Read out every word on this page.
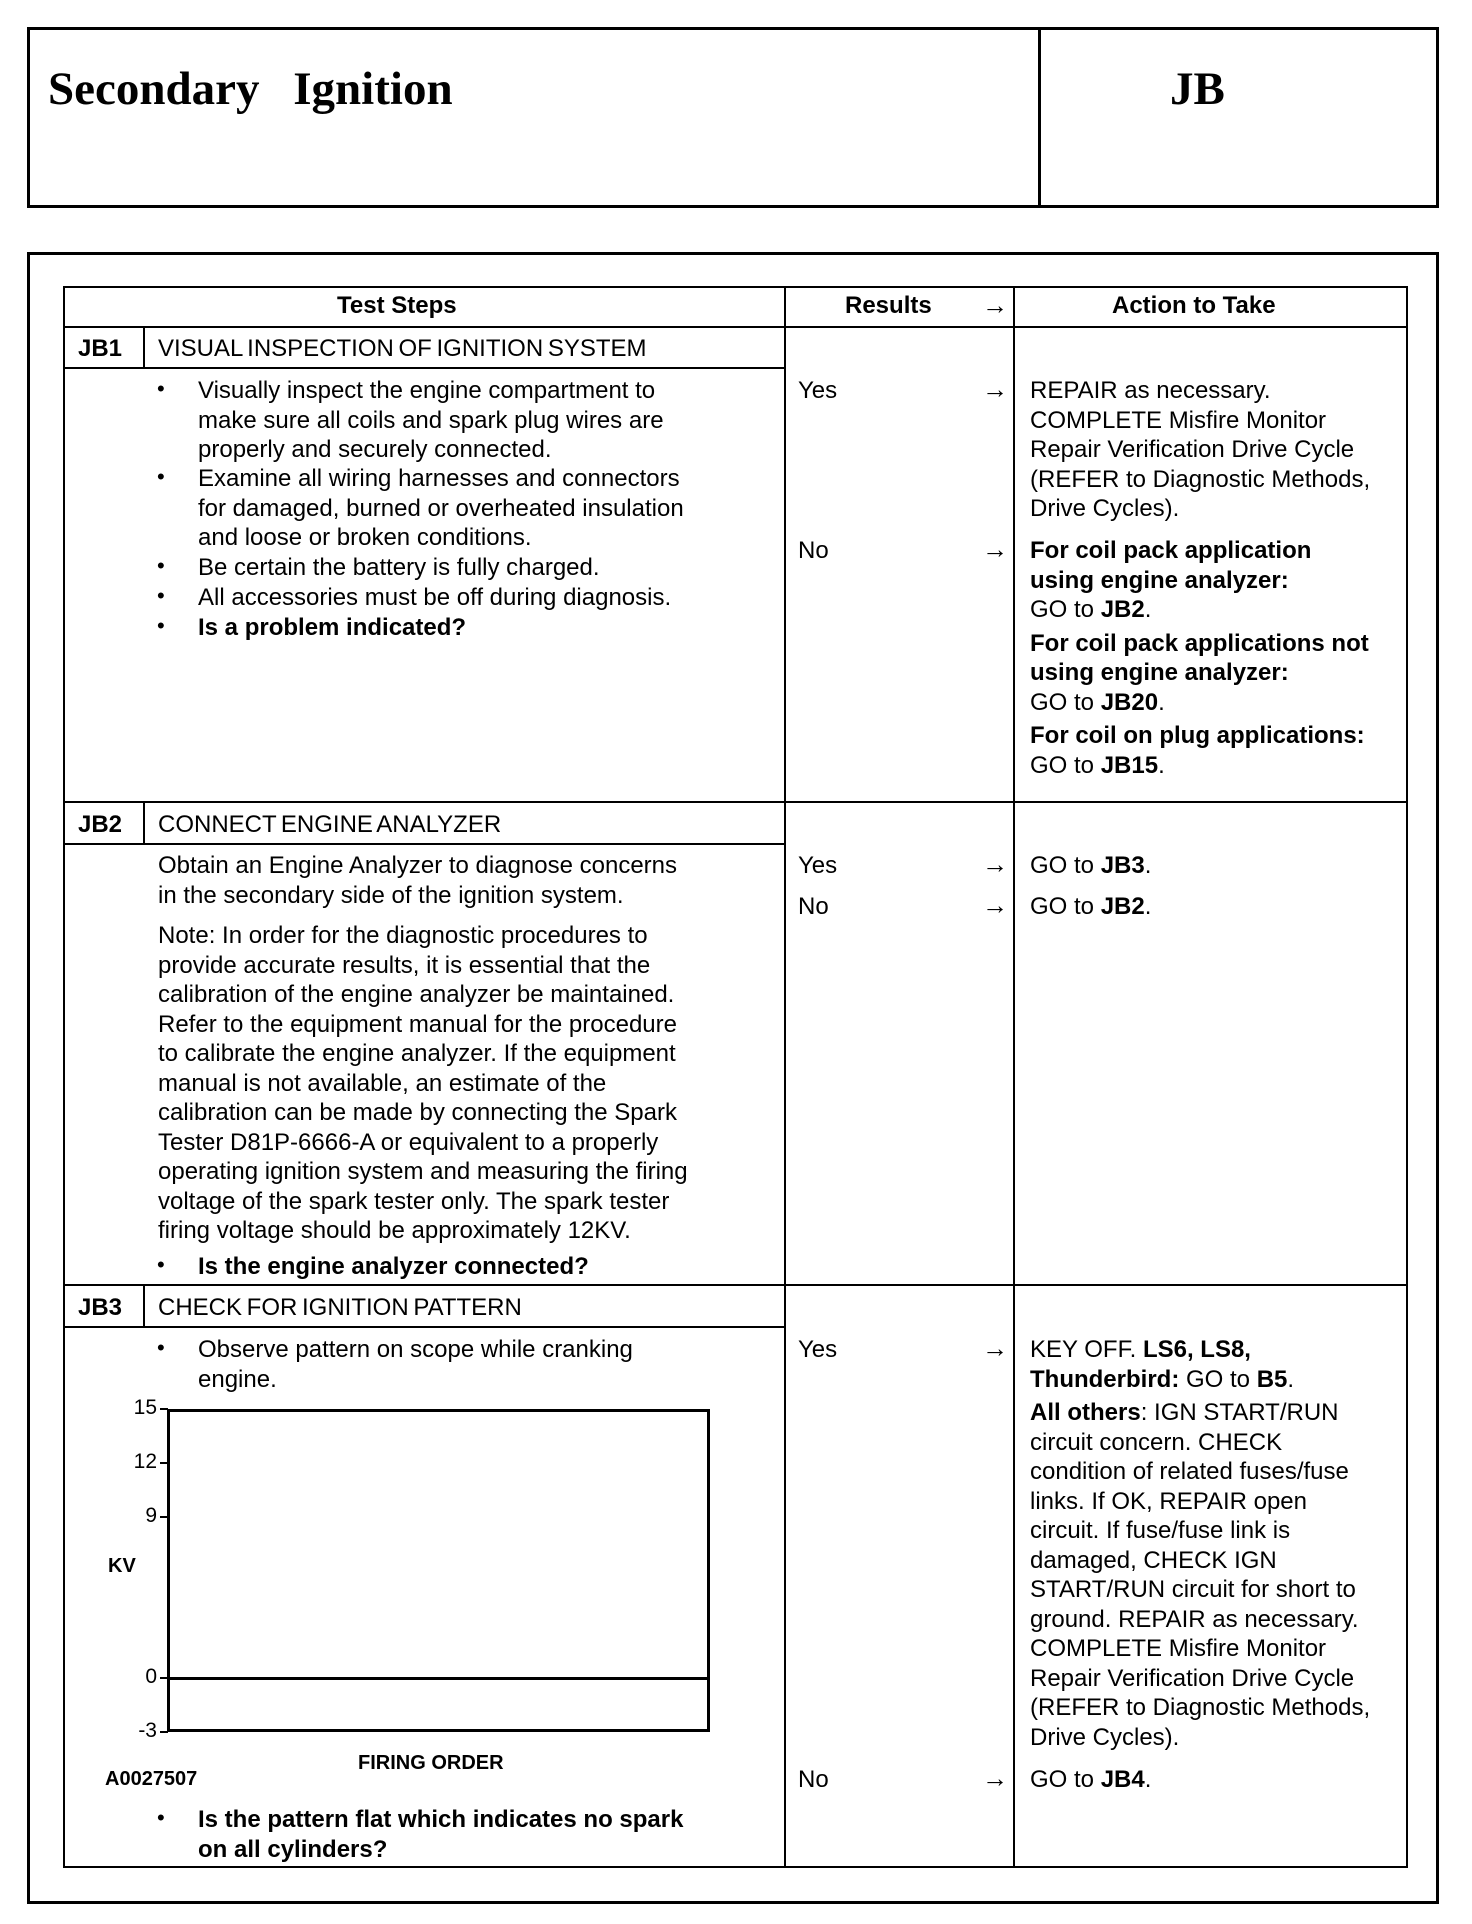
Secondary Ignition	JB
Test Steps	Results →	Action to Take
JB1 VISUAL INSPECTION OF IGNITION SYSTEM
• Visually inspect the engine compartment to
make sure all coils and spark plug wires are
properly and securely connected.
• Examine all wiring harnesses and connectors
for damaged, burned or overheated insulation
and loose or broken conditions.
• Be certain the battery is fully charged.
• All accessories must be off during diagnosis.
• Is a problem indicated?
Yes	→ REPAIR as necessary.
COMPLETE Misfire Monitor
Repair Verification Drive Cycle
(REFER to Diagnostic Methods,
Drive Cycles).
No	→ For coil pack application
using engine analyzer:
GO to JB2.
For coil pack applications not
using engine analyzer:
GO to JB20.
For coil on plug applications:
GO to JB15.
JB2 CONNECT ENGINE ANALYZER
Obtain an Engine Analyzer to diagnose concerns
in the secondary side of the ignition system.
Note: In order for the diagnostic procedures to
provide accurate results, it is essential that the
calibration of the engine analyzer be maintained.
Refer to the equipment manual for the procedure
to calibrate the engine analyzer. If the equipment
manual is not available, an estimate of the
calibration can be made by connecting the Spark
Tester D81P-6666-A or equivalent to a properly
operating ignition system and measuring the firing
voltage of the spark tester only. The spark tester
firing voltage should be approximately 12KV.
• Is the engine analyzer connected?
Yes	→ GO to JB3.
No	→ GO to JB2.
JB3 CHECK FOR IGNITION PATTERN
• Observe pattern on scope while cranking
engine.
15
12
9
0
-3
KV
FIRING ORDER
A0027507
• Is the pattern flat which indicates no spark
on all cylinders?
Yes	→ KEY OFF. LS6, LS8,
Thunderbird: GO to B5.
All others: IGN START/RUN
circuit concern. CHECK
condition of related fuses/fuse
links. If OK, REPAIR open
circuit. If fuse/fuse link is
damaged, CHECK IGN
START/RUN circuit for short to
ground. REPAIR as necessary.
COMPLETE Misfire Monitor
Repair Verification Drive Cycle
(REFER to Diagnostic Methods,
Drive Cycles).
No	→ GO to JB4.
